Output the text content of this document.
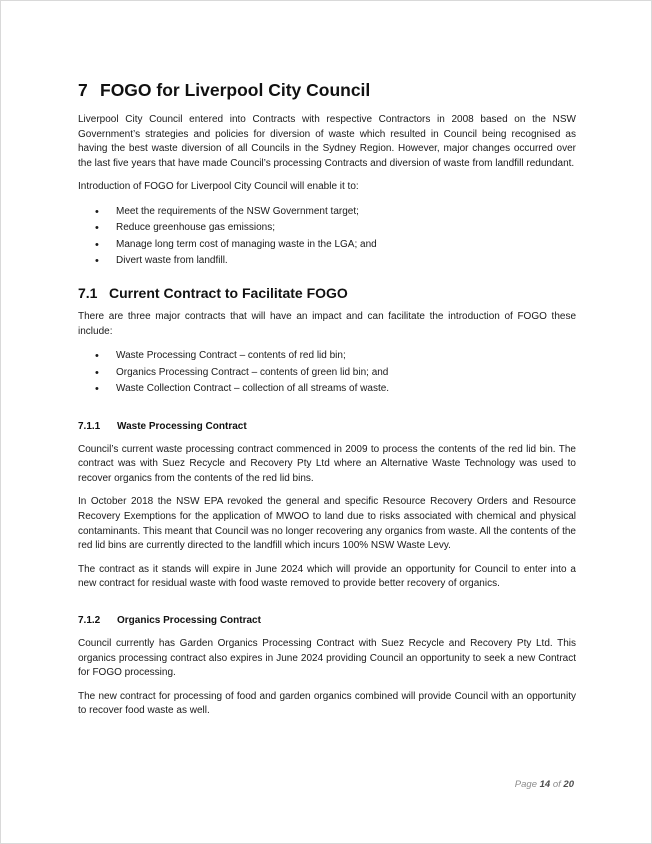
7 FOGO for Liverpool City Council

Liverpool City Council entered into Contracts with respective Contractors in 2008 based on the NSW Government’s strategies and policies for diversion of waste which resulted in Council being recognised as having the best waste diversion of all Councils in the Sydney Region. However, major changes occurred over the last five years that have made Council’s processing Contracts and diversion of waste from landfill redundant.

Introduction of FOGO for Liverpool City Council will enable it to:

• Meet the requirements of the NSW Government target;
• Reduce greenhouse gas emissions;
• Manage long term cost of managing waste in the LGA; and
• Divert waste from landfill.
7.1 Current Contract to Facilitate FOGO

There are three major contracts that will have an impact and can facilitate the introduction of FOGO these include:

• Waste Processing Contract – contents of red lid bin;
• Organics Processing Contract – contents of green lid bin; and
• Waste Collection Contract – collection of all streams of waste.
7.1.1 Waste Processing Contract

Council’s current waste processing contract commenced in 2009 to process the contents of the red lid bin. The contract was with Suez Recycle and Recovery Pty Ltd where an Alternative Waste Technology was used to recover organics from the contents of the red lid bins.

In October 2018 the NSW EPA revoked the general and specific Resource Recovery Orders and Resource Recovery Exemptions for the application of MWOO to land due to risks associated with chemical and physical contaminants. This meant that Council was no longer recovering any organics from waste. All the contents of the red lid bins are currently directed to the landfill which incurs 100% NSW Waste Levy.

The contract as it stands will expire in June 2024 which will provide an opportunity for Council to enter into a new contract for residual waste with food waste removed to provide better recovery of organics.

7.1.2 Organics Processing Contract

Council currently has Garden Organics Processing Contract with Suez Recycle and Recovery Pty Ltd. This organics processing contract also expires in June 2024 providing Council an opportunity to seek a new Contract for FOGO processing.

The new contract for processing of food and garden organics combined will provide Council with an opportunity to recover food waste as well.

Page 14 of 20
